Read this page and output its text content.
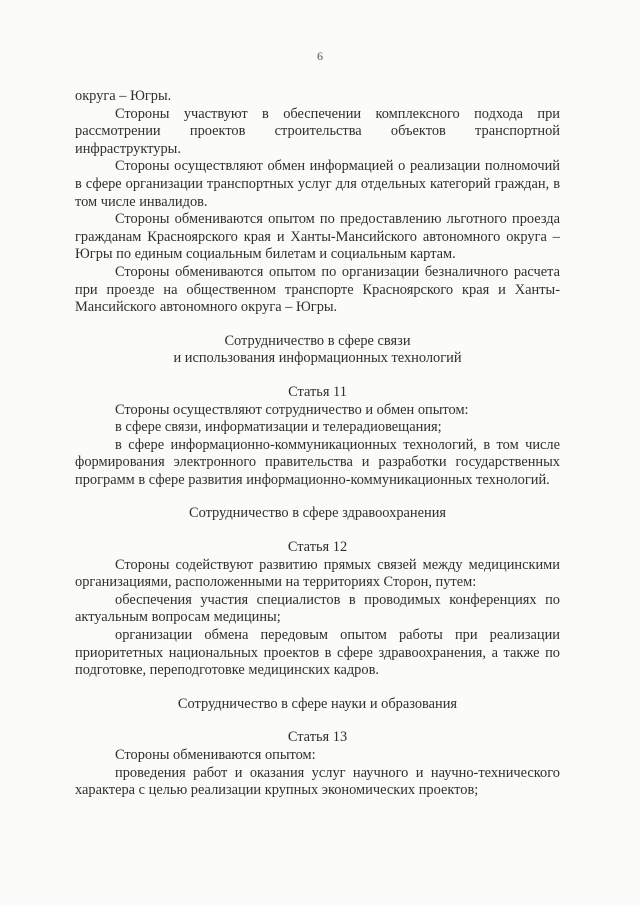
6

округа – Югры.

Стороны участвуют в обеспечении комплексного подхода при рассмотрении проектов строительства объектов транспортной инфраструктуры.

Стороны осуществляют обмен информацией о реализации полномочий в сфере организации транспортных услуг для отдельных категорий граждан, в том числе инвалидов.

Стороны обмениваются опытом по предоставлению льготного проезда гражданам Красноярского края и Ханты-Мансийского автономного округа – Югры по единым социальным билетам и социальным картам.

Стороны обмениваются опытом по организации безналичного расчета при проезде на общественном транспорте Красноярского края и Ханты-Мансийского автономного округа – Югры.

Сотрудничество в сфере связи

и использования информационных технологий

Статья 11

Стороны осуществляют сотрудничество и обмен опытом:

в сфере связи, информатизации и телерадиовещания;

в сфере информационно-коммуникационных технологий, в том числе формирования электронного правительства и разработки государственных программ в сфере развития информационно-коммуникационных технологий.

Сотрудничество в сфере здравоохранения

Статья 12

Стороны содействуют развитию прямых связей между медицинскими организациями, расположенными на территориях Сторон, путем:

обеспечения участия специалистов в проводимых конференциях по актуальным вопросам медицины;

организации обмена передовым опытом работы при реализации приоритетных национальных проектов в сфере здравоохранения, а также по подготовке, переподготовке медицинских кадров.

Сотрудничество в сфере науки и образования

Статья 13

Стороны обмениваются опытом:

проведения работ и оказания услуг научного и научно-технического характера с целью реализации крупных экономических проектов;
